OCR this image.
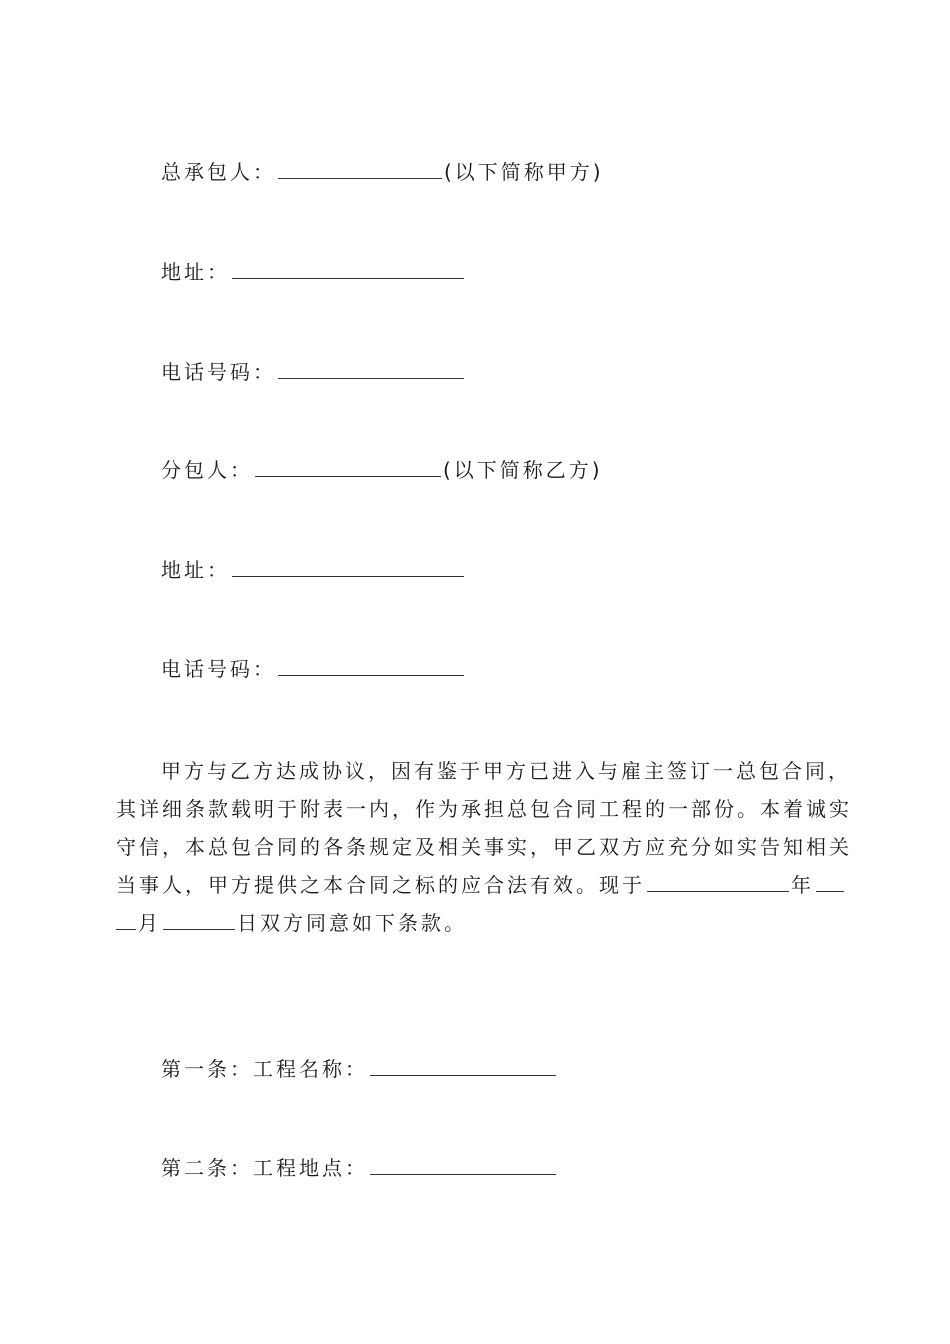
总承包人：	(以下简称甲方)
地址：
电话号码：
分包人：	(以下简称乙方)
地址：
电话号码：
甲方与乙方达成协议，因有鉴于甲方已进入与雇主签订一总包合同，
其详细条款载明于附表一内，作为承担总包合同工程的一部份。本着诚实
守信，本总包合同的各条规定及相关事实，甲乙双方应充分如实告知相关
当事人，甲方提供之本合同之标的应合法有效。现于	年
月	日双方同意如下条款。
第一条：工程名称：
第二条：工程地点：
